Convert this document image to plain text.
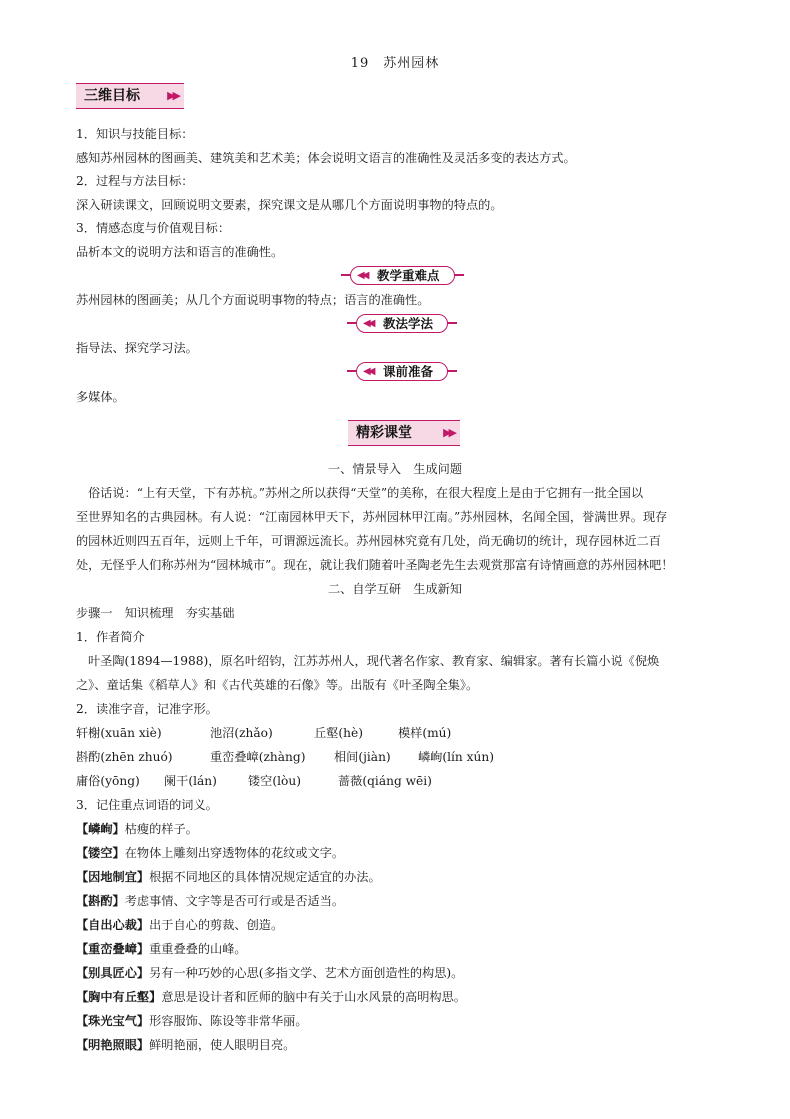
19　苏州园林
三维目标 ▶▶
1．知识与技能目标：
感知苏州园林的图画美、建筑美和艺术美；体会说明文语言的准确性及灵活多变的表达方式。
2．过程与方法目标：
深入研读课文，回顾说明文要素，探究课文是从哪几个方面说明事物的特点的。
3．情感态度与价值观目标：
品析本文的说明方法和语言的准确性。
◀◀ 教学重难点
苏州园林的图画美；从几个方面说明事物的特点；语言的准确性。
◀◀ 教法学法
指导法、探究学习法。
◀◀ 课前准备
多媒体。
精彩课堂	▶▶
一、情景导入　生成问题
俗话说：“上有天堂，下有苏杭。”苏州之所以获得“天堂”的美称，在很大程度上是由于它拥有一批全国以
至世界知名的古典园林。有人说：“江南园林甲天下，苏州园林甲江南。”苏州园林，名闻全国，誉满世界。现存
的园林近则四五百年，远则上千年，可谓源远流长。苏州园林究竟有几处，尚无确切的统计，现存园林近二百
处，无怪乎人们称苏州为“园林城市”。现在，就让我们随着叶圣陶老先生去观赏那富有诗情画意的苏州园林吧！
二、自学互研　生成新知
步骤一　知识梳理　夯实基础
1．作者简介
叶圣陶(1894—1988)，原名叶绍钧，江苏苏州人，现代著名作家、教育家、编辑家。著有长篇小说《倪焕
之》、童话集《稻草人》和《古代英雄的石像》等。出版有《叶圣陶全集》。
2．读准字音，记准字形。
轩榭(xuān xiè)	池沼(zhǎo)	丘壑(hè)	模样(mú)
斟酌(zhēn zhuó)	重峦叠嶂(zhàng) 相间(jiàn) 嶙峋(lín xún)
庸俗(yōng) 阑干(lán)	镂空(lòu)	蔷薇(qiáng wēi)
3．记住重点词语的词义。
【嶙峋】枯瘦的样子。
【镂空】在物体上雕刻出穿透物体的花纹或文字。
【因地制宜】根据不同地区的具体情况规定适宜的办法。
【斟酌】考虑事情、文字等是否可行或是否适当。
【自出心裁】出于自心的剪裁、创造。
【重峦叠嶂】重重叠叠的山峰。
【别具匠心】另有一种巧妙的心思(多指文学、艺术方面创造性的构思)。
【胸中有丘壑】意思是设计者和匠师的脑中有关于山水风景的高明构思。
【珠光宝气】形容服饰、陈设等非常华丽。
【明艳照眼】鲜明艳丽，使人眼明目亮。
